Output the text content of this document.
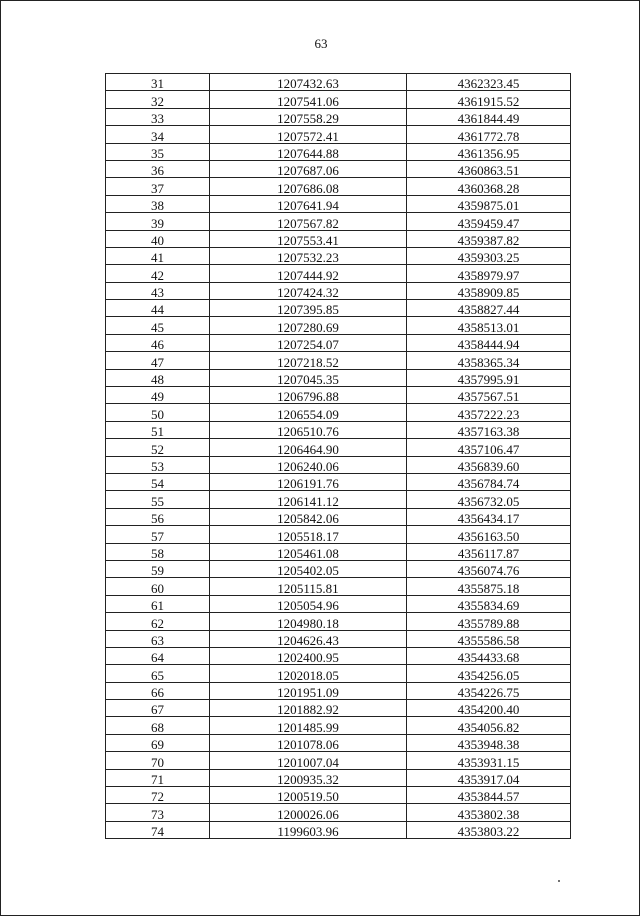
63
31	1207432.63	4362323.45
32	1207541.06	4361915.52
33	1207558.29	4361844.49
34	1207572.41	4361772.78
35	1207644.88	4361356.95
36	1207687.06	4360863.51
37	1207686.08	4360368.28
38	1207641.94	4359875.01
39	1207567.82	4359459.47
40	1207553.41	4359387.82
41	1207532.23	4359303.25
42	1207444.92	4358979.97
43	1207424.32	4358909.85
44	1207395.85	4358827.44
45	1207280.69	4358513.01
46	1207254.07	4358444.94
47	1207218.52	4358365.34
48	1207045.35	4357995.91
49	1206796.88	4357567.51
50	1206554.09	4357222.23
51	1206510.76	4357163.38
52	1206464.90	4357106.47
53	1206240.06	4356839.60
54	1206191.76	4356784.74
55	1206141.12	4356732.05
56	1205842.06	4356434.17
57	1205518.17	4356163.50
58	1205461.08	4356117.87
59	1205402.05	4356074.76
60	1205115.81	4355875.18
61	1205054.96	4355834.69
62	1204980.18	4355789.88
63	1204626.43	4355586.58
64	1202400.95	4354433.68
65	1202018.05	4354256.05
66	1201951.09	4354226.75
67	1201882.92	4354200.40
68	1201485.99	4354056.82
69	1201078.06	4353948.38
70	1201007.04	4353931.15
71	1200935.32	4353917.04
72	1200519.50	4353844.57
73	1200026.06	4353802.38
74	1199603.96	4353803.22
